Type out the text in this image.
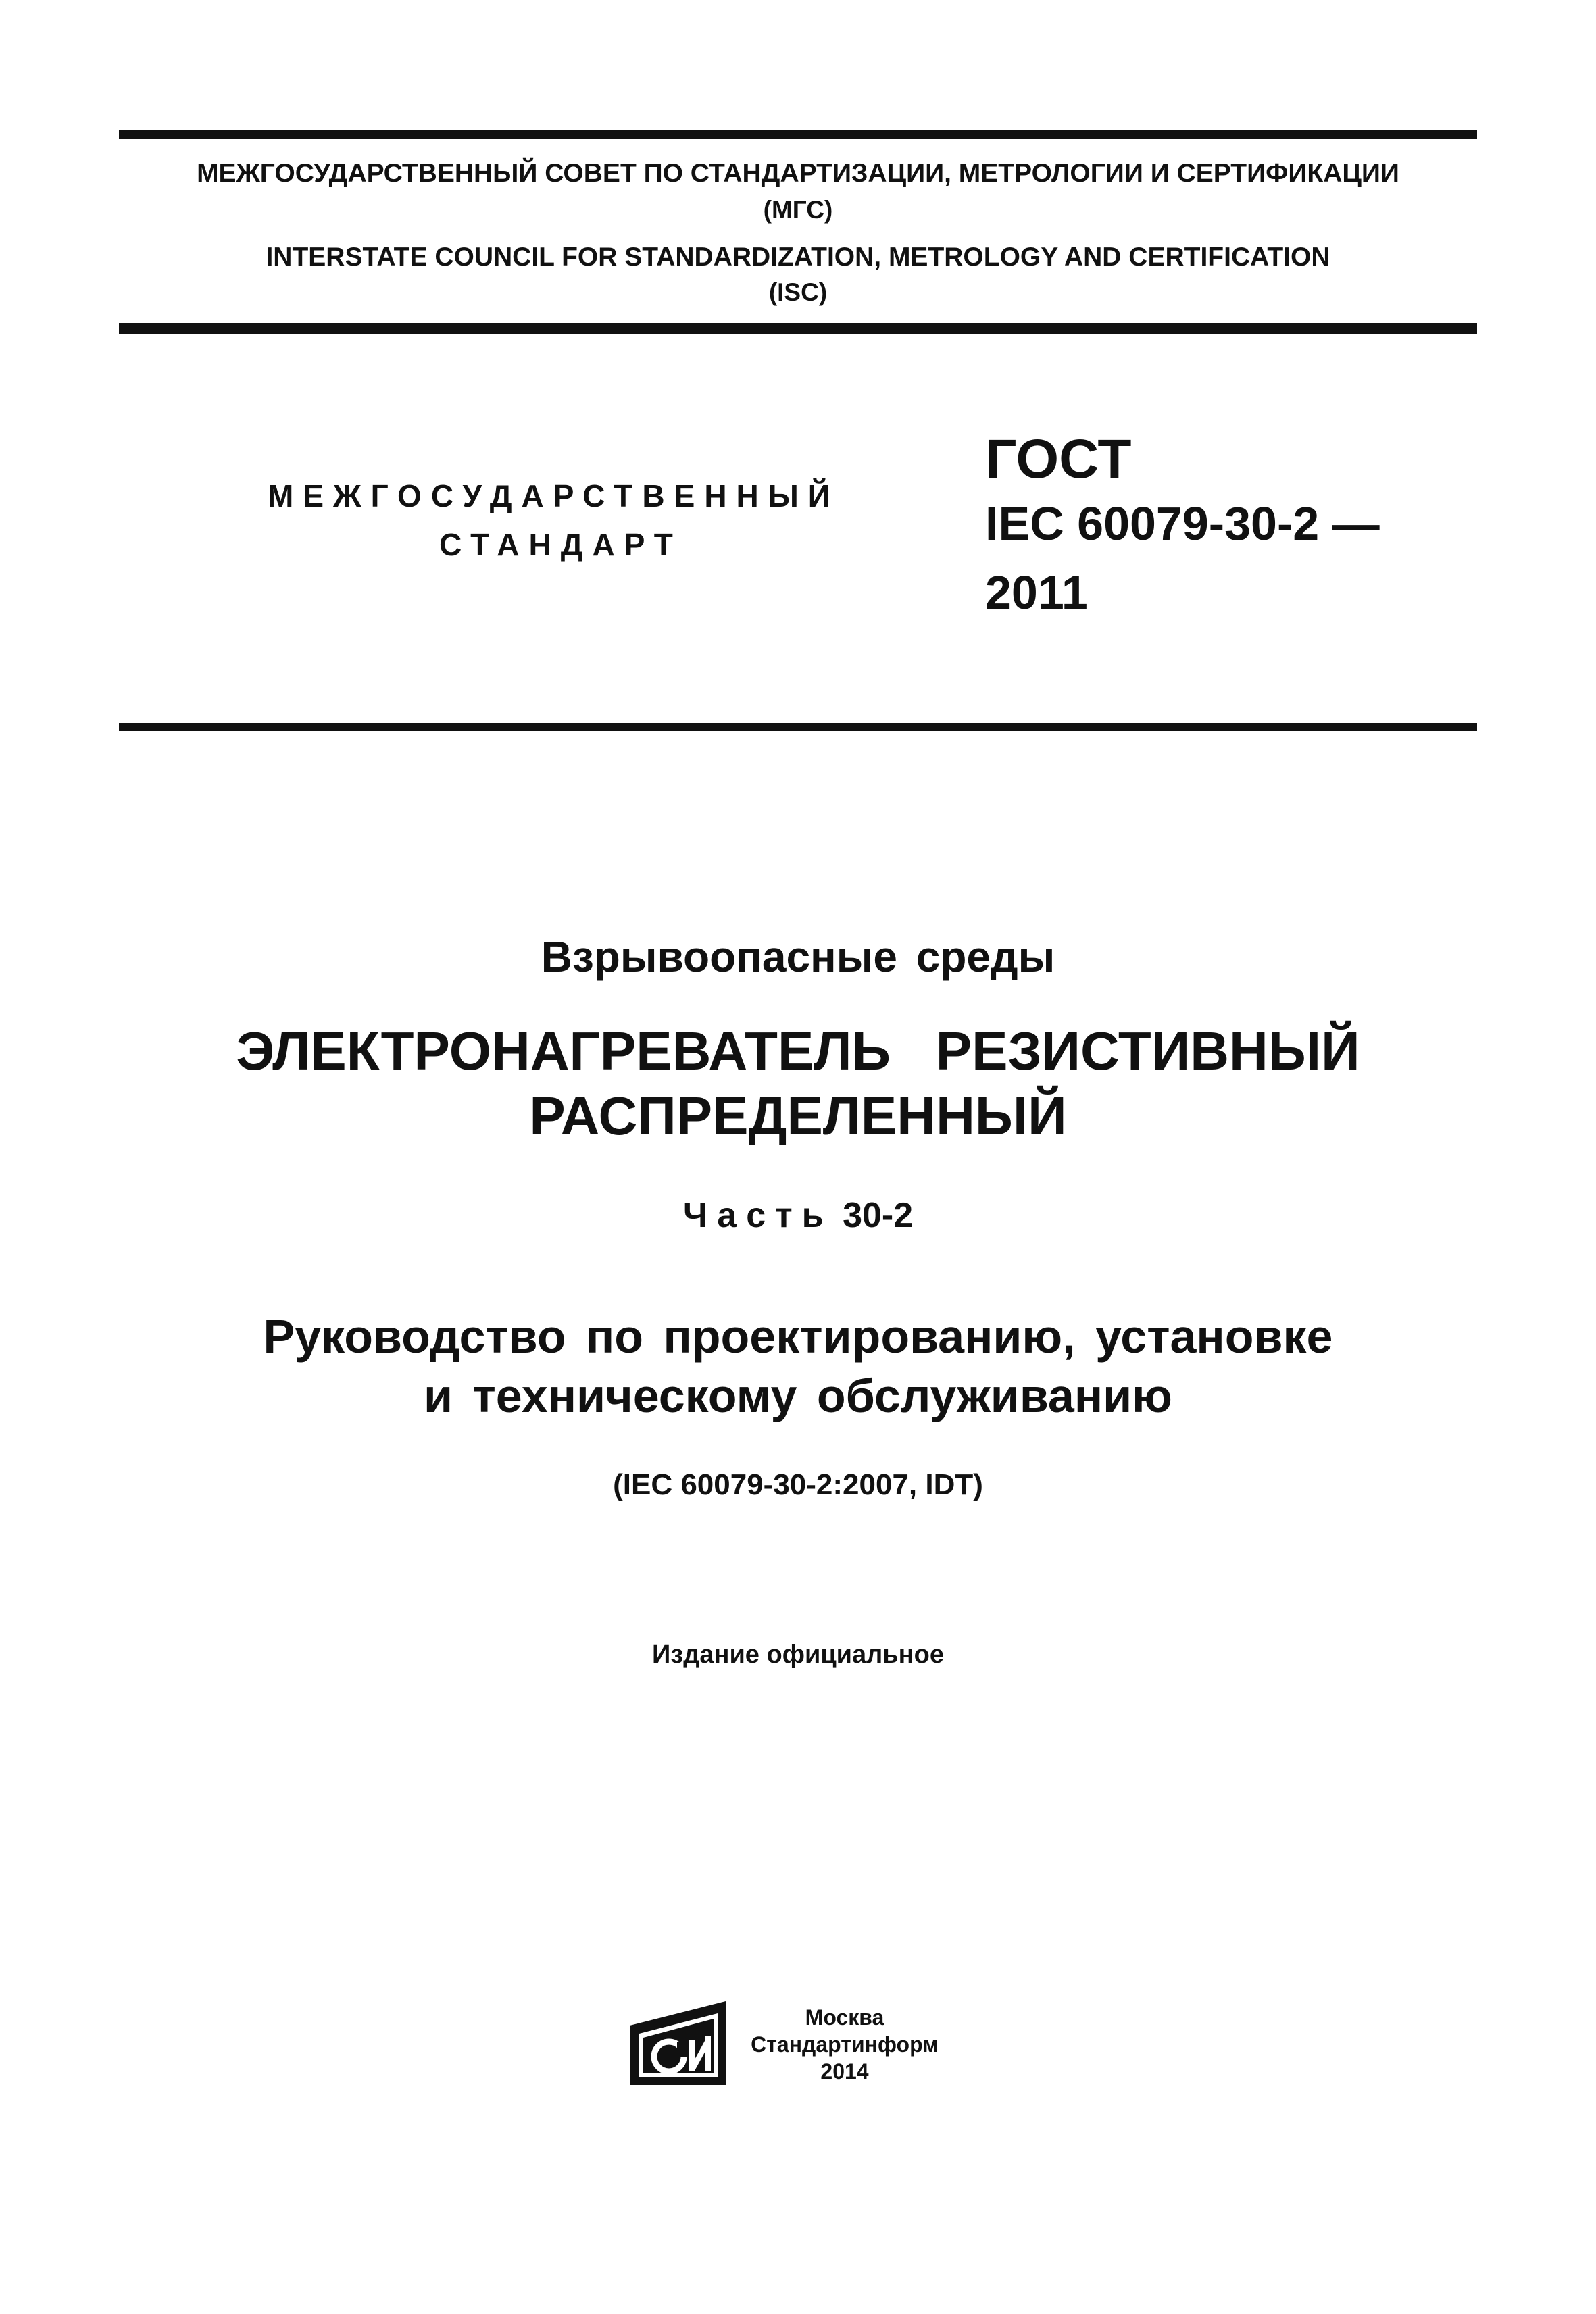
МЕЖГОСУДАРСТВЕННЫЙ СОВЕТ ПО СТАНДАРТИЗАЦИИ, МЕТРОЛОГИИ И СЕРТИФИКАЦИИ
(МГС)
INTERSTATE COUNCIL FOR STANDARDIZATION, METROLOGY AND CERTIFICATION
(ISC)
МЕЖГОСУДАРСТВЕННЫЙ
СТАНДАРТ
ГОСТ
IEC 60079-30-2 —
2011
Взрывоопасные среды
ЭЛЕКТРОНАГРЕВАТЕЛЬ   РЕЗИСТИВНЫЙ
РАСПРЕДЕЛЕННЫЙ
Часть 30-2
Руководство по проектированию, установке
и техническому обслуживанию
(IEC 60079-30-2:2007, IDT)
Издание официальное
Москва
Стандартинформ
2014
